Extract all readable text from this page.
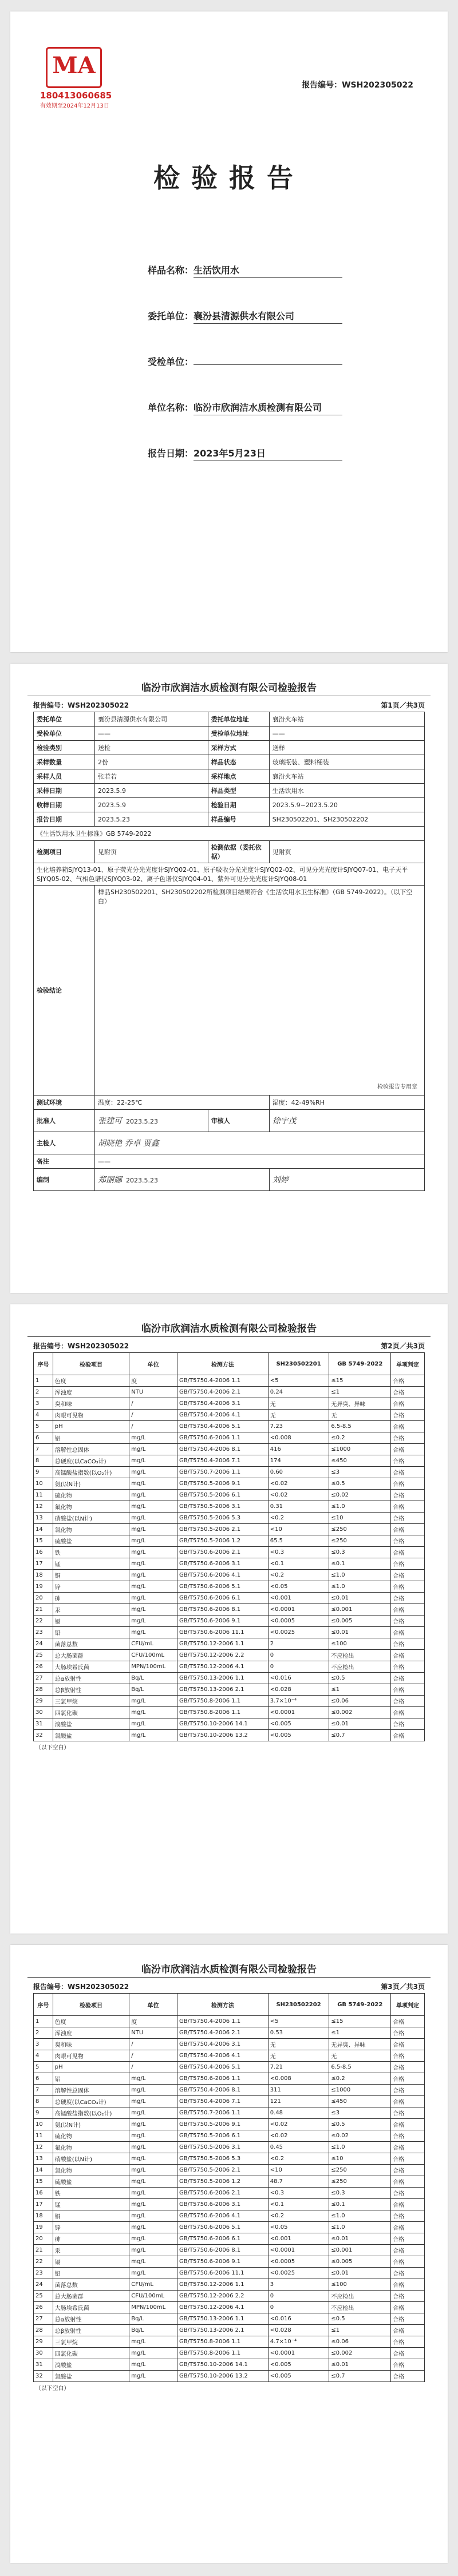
MA
180413060685
有效期至2024年12月13日
报告编号：WSH202305022
检验报告
样品名称：生活饮用水
委托单位：襄汾县清源供水有限公司
受检单位：
单位名称：临汾市欣润洁水质检测有限公司
报告日期：2023年5月23日
临汾市欣润洁水质检测有限公司检验报告
报告编号：WSH202305022	第1页／共3页
委托单位	襄汾县清源供水有限公司	委托单位地址	襄汾火车站
受检单位	——	受检单位地址	——
检验类别	送检	采样方式	送样
采样数量	2份	样品状态	玻璃瓶装、塑料桶装
采样人员	张若若	采样地点	襄汾火车站
采样日期	2023.5.9	样品类型	生活饮用水
收样日期	2023.5.9	检验日期	2023.5.9~2023.5.20
报告日期	2023.5.23	样品编号	SH230502201、SH230502202
《生活饮用水卫生标准》GB 5749-2022			
检测项目	见附页	检测依据（委托依据）	见附页
生化培养箱SJYQ13-01、原子荧光分光光度计SJYQ02-01、原子吸收分光光度计SJYQ02-02、可见分光光度计SJYQ07-01、电子天平SJYQ05-02、气相色谱仪SJYQ03-02、离子色谱仪SJYQ04-01、紫外可见分光光度计SJYQ08-01			
检验结论	样品SH230502201、SH230502202所检测项目结果符合《生活饮用水卫生标准》（GB 5749-2022）。（以下空白）
检验报告专用章		

测试环境	温度：22-25℃		湿度：42-49%RH
批准人	张建可 2023.5.23	审核人	徐宇茂
主检人	胡晓艳 乔卓 贾鑫		
备注	——		
编制	郑丽娜 2023.5.23		刘婷
临汾市欣润洁水质检测有限公司检验报告
报告编号：WSH202305022	第2页／共3页
序号	检验项目	单位	检测方法	SH230502201	GB 5749-2022	单项判定
1	色度	度	GB/T5750.4-2006 1.1	<5	≤15	合格
2	浑浊度	NTU	GB/T5750.4-2006 2.1	0.24	≤1	合格
3	臭和味	/	GB/T5750.4-2006 3.1	无	无异臭、异味	合格
4	肉眼可见物	/	GB/T5750.4-2006 4.1	无	无	合格
5	pH	/	GB/T5750.4-2006 5.1	7.23	6.5-8.5	合格
6	铝	mg/L	GB/T5750.6-2006 1.1	<0.008	≤0.2	合格
7	溶解性总固体	mg/L	GB/T5750.4-2006 8.1	416	≤1000	合格
8	总硬度(以CaCO₃计)	mg/L	GB/T5750.4-2006 7.1	174	≤450	合格
9	高锰酸盐指数(以O₂计)	mg/L	GB/T5750.7-2006 1.1	0.60	≤3	合格
10	氨(以N计)	mg/L	GB/T5750.5-2006 9.1	<0.02	≤0.5	合格
11	硫化物	mg/L	GB/T5750.5-2006 6.1	<0.02	≤0.02	合格
12	氟化物	mg/L	GB/T5750.5-2006 3.1	0.31	≤1.0	合格
13	硝酸盐(以N计)	mg/L	GB/T5750.5-2006 5.3	<0.2	≤10	合格
14	氯化物	mg/L	GB/T5750.5-2006 2.1	<10	≤250	合格
15	硫酸盐	mg/L	GB/T5750.5-2006 1.2	65.5	≤250	合格
16	铁	mg/L	GB/T5750.6-2006 2.1	<0.3	≤0.3	合格
17	锰	mg/L	GB/T5750.6-2006 3.1	<0.1	≤0.1	合格
18	铜	mg/L	GB/T5750.6-2006 4.1	<0.2	≤1.0	合格
19	锌	mg/L	GB/T5750.6-2006 5.1	<0.05	≤1.0	合格
20	砷	mg/L	GB/T5750.6-2006 6.1	<0.001	≤0.01	合格
21	汞	mg/L	GB/T5750.6-2006 8.1	<0.0001	≤0.001	合格
22	镉	mg/L	GB/T5750.6-2006 9.1	<0.0005	≤0.005	合格
23	铅	mg/L	GB/T5750.6-2006 11.1	<0.0025	≤0.01	合格
24	菌落总数	CFU/mL	GB/T5750.12-2006 1.1	2	≤100	合格
25	总大肠菌群	CFU/100mL	GB/T5750.12-2006 2.2	0	不应检出	合格
26	大肠埃希氏菌	MPN/100mL	GB/T5750.12-2006 4.1	0	不应检出	合格
27	总α放射性	Bq/L	GB/T5750.13-2006 1.1	<0.016	≤0.5	合格
28	总β放射性	Bq/L	GB/T5750.13-2006 2.1	<0.028	≤1	合格
29	三氯甲烷	mg/L	GB/T5750.8-2006 1.1	3.7×10⁻⁴	≤0.06	合格
30	四氯化碳	mg/L	GB/T5750.8-2006 1.1	<0.0001	≤0.002	合格
31	溴酸盐	mg/L	GB/T5750.10-2006 14.1	<0.005	≤0.01	合格
32	氯酸盐	mg/L	GB/T5750.10-2006 13.2	<0.005	≤0.7	合格
（以下空白）						
临汾市欣润洁水质检测有限公司检验报告
报告编号：WSH202305022	第3页／共3页
序号	检验项目	单位	检测方法	SH230502202	GB 5749-2022	单项判定
1	色度	度	GB/T5750.4-2006 1.1	<5	≤15	合格
2	浑浊度	NTU	GB/T5750.4-2006 2.1	0.53	≤1	合格
3	臭和味	/	GB/T5750.4-2006 3.1	无	无异臭、异味	合格
4	肉眼可见物	/	GB/T5750.4-2006 4.1	无	无	合格
5	pH	/	GB/T5750.4-2006 5.1	7.21	6.5-8.5	合格
6	铝	mg/L	GB/T5750.6-2006 1.1	<0.008	≤0.2	合格
7	溶解性总固体	mg/L	GB/T5750.4-2006 8.1	311	≤1000	合格
8	总硬度(以CaCO₃计)	mg/L	GB/T5750.4-2006 7.1	121	≤450	合格
9	高锰酸盐指数(以O₂计)	mg/L	GB/T5750.7-2006 1.1	0.48	≤3	合格
10	氨(以N计)	mg/L	GB/T5750.5-2006 9.1	<0.02	≤0.5	合格
11	硫化物	mg/L	GB/T5750.5-2006 6.1	<0.02	≤0.02	合格
12	氟化物	mg/L	GB/T5750.5-2006 3.1	0.45	≤1.0	合格
13	硝酸盐(以N计)	mg/L	GB/T5750.5-2006 5.3	<0.2	≤10	合格
14	氯化物	mg/L	GB/T5750.5-2006 2.1	<10	≤250	合格
15	硫酸盐	mg/L	GB/T5750.5-2006 1.2	48.7	≤250	合格
16	铁	mg/L	GB/T5750.6-2006 2.1	<0.3	≤0.3	合格
17	锰	mg/L	GB/T5750.6-2006 3.1	<0.1	≤0.1	合格
18	铜	mg/L	GB/T5750.6-2006 4.1	<0.2	≤1.0	合格
19	锌	mg/L	GB/T5750.6-2006 5.1	<0.05	≤1.0	合格
20	砷	mg/L	GB/T5750.6-2006 6.1	<0.001	≤0.01	合格
21	汞	mg/L	GB/T5750.6-2006 8.1	<0.0001	≤0.001	合格
22	镉	mg/L	GB/T5750.6-2006 9.1	<0.0005	≤0.005	合格
23	铅	mg/L	GB/T5750.6-2006 11.1	<0.0025	≤0.01	合格
24	菌落总数	CFU/mL	GB/T5750.12-2006 1.1	3	≤100	合格
25	总大肠菌群	CFU/100mL	GB/T5750.12-2006 2.2	0	不应检出	合格
26	大肠埃希氏菌	MPN/100mL	GB/T5750.12-2006 4.1	0	不应检出	合格
27	总α放射性	Bq/L	GB/T5750.13-2006 1.1	<0.016	≤0.5	合格
28	总β放射性	Bq/L	GB/T5750.13-2006 2.1	<0.028	≤1	合格
29	三氯甲烷	mg/L	GB/T5750.8-2006 1.1	4.7×10⁻⁴	≤0.06	合格
30	四氯化碳	mg/L	GB/T5750.8-2006 1.1	<0.0001	≤0.002	合格
31	溴酸盐	mg/L	GB/T5750.10-2006 14.1	<0.005	≤0.01	合格
32	氯酸盐	mg/L	GB/T5750.10-2006 13.2	<0.005	≤0.7	合格
（以下空白）						
